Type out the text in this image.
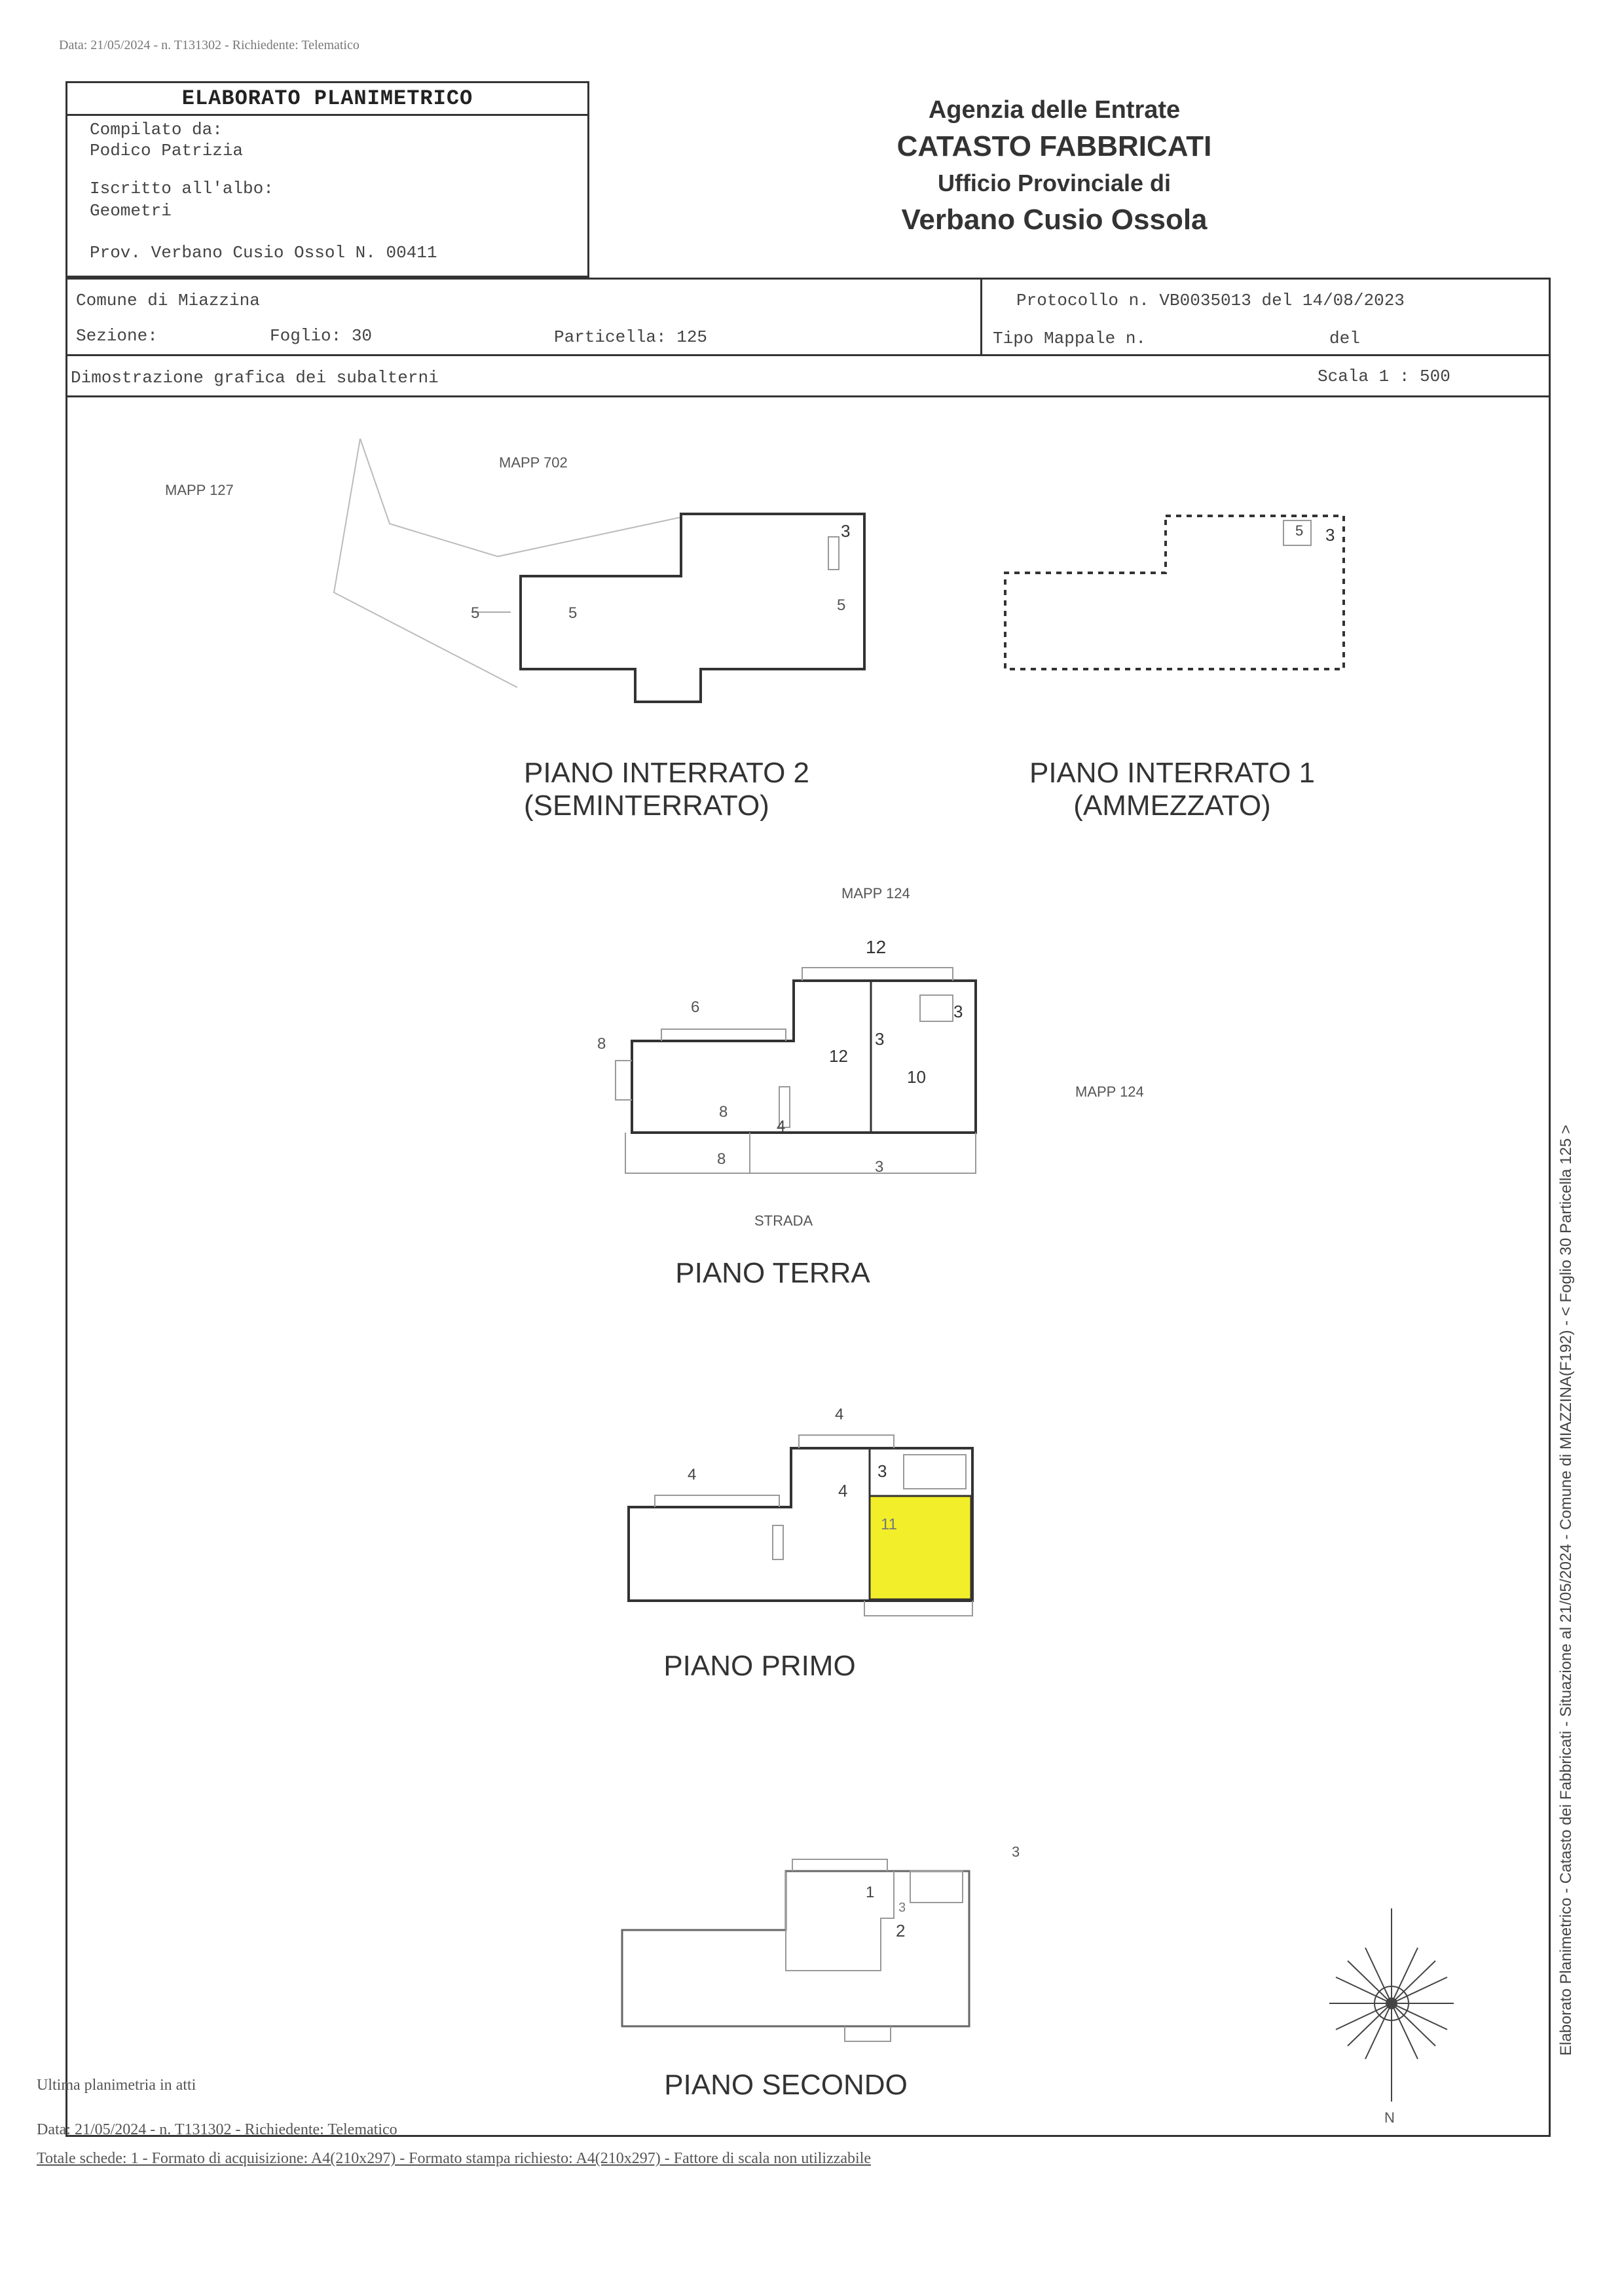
Data: 21/05/2024 - n. T131302 - Richiedente: Telematico
ELABORATO PLANIMETRICO
Compilato da:
Podico Patrizia
Iscritto all'albo:
Geometri
Prov. Verbano Cusio Ossol N. 00411
Agenzia delle Entrate
CATASTO FABBRICATI
Ufficio Provinciale di
Verbano Cusio Ossola
Comune di Miazzina
Sezione:	Foglio: 30	Particella: 125
Protocollo n. VB0035013 del 14/08/2023
Tipo Mappale n.	del
Dimostrazione grafica dei subalterni	Scala 1 : 500
5	5	5
3	5 3
12
6
8
12
3
3
10
8
4
8	3
4
4
4
3
11
3
1
2
3
N
MAPP 127
MAPP 702
MAPP 124
MAPP 124
STRADA
PIANO INTERRATO 2
(SEMINTERRATO)
PIANO INTERRATO 1
(AMMEZZATO)
PIANO TERRA
PIANO PRIMO
PIANO SECONDO
Ultima planimetria in atti
Data: 21/05/2024 - n. T131302 - Richiedente: Telematico
Totale schede: 1 - Formato di acquisizione: A4(210x297) - Formato stampa richiesto: A4(210x297) - Fattore di scala non utilizzabile
Elaborato Planimetrico - Catasto dei Fabbricati - Situazione al 21/05/2024 - Comune di MIAZZINA(F192) - < Foglio 30 Particella 125 >
